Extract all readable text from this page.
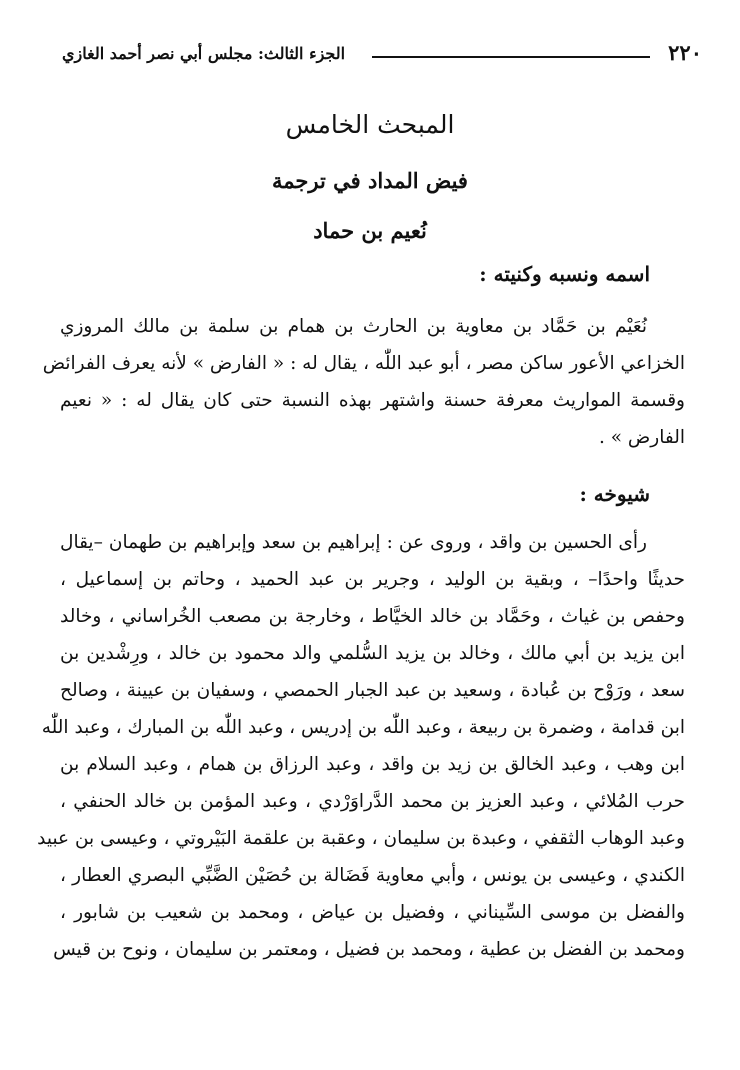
٢٢٠
الجزء الثالث: مجلس أبي نصر أحمد الغازي
المبحث الخامس
فيض المداد في ترجمة
نُعيم بن حماد
اسمه ونسبه وكنيته :
نُعَيْم بن حَمَّاد بن معاوية بن الحارث بن همام بن سلمة بن مالك المروزي
الخزاعي الأعور ساكن مصر ، أبو عبد اللّٰه ، يقال له : « الفارض » لأنه يعرف الفرائض
وقسمة المواريث معرفة حسنة واشتهر بهذه النسبة حتى كان يقال له : « نعيم
الفارض » .
شيوخه :
رأى الحسين بن واقد ، وروى عن : إبراهيم بن سعد وإبراهيم بن طهمان –يقال
حديثًا واحدًا– ، وبقية بن الوليد ، وجرير بن عبد الحميد ، وحاتم بن إسماعيل ،
وحفص بن غياث ، وحَمَّاد بن خالد الخيَّاط ، وخارجة بن مصعب الخُراساني ، وخالد
ابن يزيد بن أبي مالك ، وخالد بن يزيد السُّلمي والد محمود بن خالد ، ورِشْدين بن
سعد ، ورَوْح بن عُبادة ، وسعيد بن عبد الجبار الحمصي ، وسفيان بن عيينة ، وصالح
ابن قدامة ، وضمرة بن ربيعة ، وعبد اللّٰه بن إدريس ، وعبد اللّٰه بن المبارك ، وعبد اللّٰه
ابن وهب ، وعبد الخالق بن زيد بن واقد ، وعبد الرزاق بن همام ، وعبد السلام بن
حرب المُلائي ، وعبد العزيز بن محمد الدَّراوَرْدي ، وعبد المؤمن بن خالد الحنفي ،
وعبد الوهاب الثقفي ، وعبدة بن سليمان ، وعقبة بن علقمة البَيْروتي ، وعيسى بن عبيد
الكندي ، وعيسى بن يونس ، وأبي معاوية فَضَالة بن حُصَيْن الضَّبِّي البصري العطار ،
والفضل بن موسى السِّيناني ، وفضيل بن عياض ، ومحمد بن شعيب بن شابور ،
ومحمد بن الفضل بن عطية ، ومحمد بن فضيل ، ومعتمر بن سليمان ، ونوح بن قيس
